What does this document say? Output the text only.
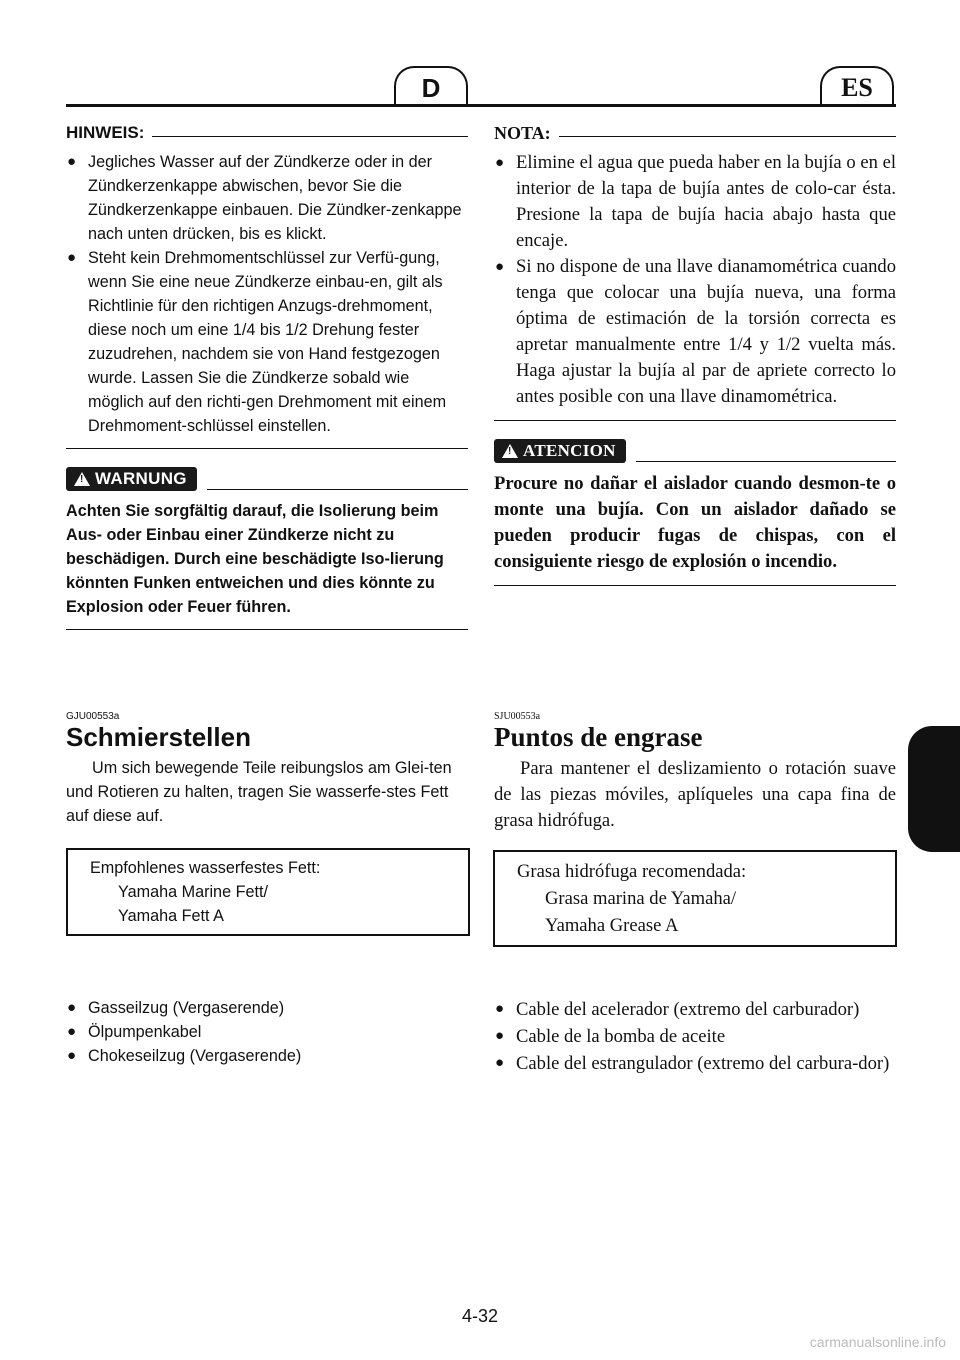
D	ES
HINWEIS:
● Jegliches Wasser auf der Zündkerze oder in der Zündkerzenkappe abwischen, bevor Sie die Zündkerzenkappe einbauen. Die Zündker-zenkappe nach unten drücken, bis es klickt.
● Steht kein Drehmomentschlüssel zur Verfü-gung, wenn Sie eine neue Zündkerze einbau-en, gilt als Richtlinie für den richtigen Anzugs-drehmoment, diese noch um eine 1/4 bis 1/2 Drehung fester zuzudrehen, nachdem sie von Hand festgezogen wurde. Lassen Sie die Zündkerze sobald wie möglich auf den richti-gen Drehmoment mit einem Drehmoment-schlüssel einstellen.
!
WARNUNG
Achten Sie sorgfältig darauf, die Isolierung beim Aus- oder Einbau einer Zündkerze nicht zu beschädigen. Durch eine beschädigte Iso-lierung könnten Funken entweichen und dies könnte zu Explosion oder Feuer führen.
NOTA:
● Elimine el agua que pueda haber en la bujía o en el interior de la tapa de bujía antes de colo-car ésta. Presione la tapa de bujía hacia abajo hasta que encaje.
● Si no dispone de una llave dianamométrica cuando tenga que colocar una bujía nueva, una forma óptima de estimación de la torsión correcta es apretar manualmente entre 1/4 y 1/2 vuelta más. Haga ajustar la bujía al par de apriete correcto lo antes posible con una llave dinamométrica.
!
ATENCION
Procure no dañar el aislador cuando desmon-te o monte una bujía. Con un aislador dañado se pueden producir fugas de chispas, con el consiguiente riesgo de explosión o incendio.
GJU00553a
Schmierstellen
Um sich bewegende Teile reibungslos am Glei-ten und Rotieren zu halten, tragen Sie wasserfe-stes Fett auf diese auf.
Empfohlenes wasserfestes Fett:
Yamaha Marine Fett/
Yamaha Fett A
● Gasseilzug (Vergaserende)
● Ölpumpenkabel
● Chokeseilzug (Vergaserende)
SJU00553a
Puntos de engrase
Para mantener el deslizamiento o rotación suave de las piezas móviles, aplíqueles una capa fina de grasa hidrófuga.
Grasa hidrófuga recomendada:
Grasa marina de Yamaha/
Yamaha Grease A
● Cable del acelerador (extremo del carburador)
● Cable de la bomba de aceite
● Cable del estrangulador (extremo del carbura-dor)
4-32
carmanualsonline.info
